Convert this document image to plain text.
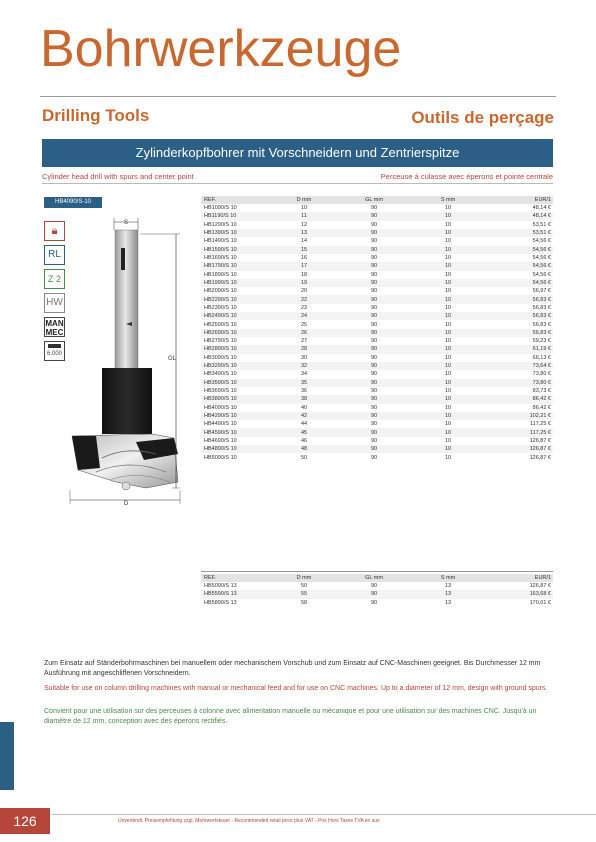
Bohrwerkzeuge
Drilling Tools	Outils de perçage
Zylinderkopfbohrer mit Vorschneidern und Zentrierspitze
Cylinder head drill with spurs and center point	Perceuse à culasse avec éperons et pointe centrale
HB4090/S-10
🔒︎
RL
Z 2
HW
MAN
MEC
6.000
S
GL
D
REF.	D mm	GL mm	S mm	EUR/1
HB1090/S 10	10	90	10	48,14 €
HB1190/S 10	11	90	10	48,14 €
HB1290/S 10	12	90	10	53,51 €
HB1390/S 10	13	90	10	53,51 €
HB1490/S 10	14	90	10	54,56 €
HB1590/S 10	15	90	10	54,56 €
HB1690/S 10	16	90	10	54,56 €
HB1790/S 10	17	90	10	54,56 €
HB1890/S 10	18	90	10	54,56 €
HB1990/S 10	19	90	10	54,56 €
HB2090/S 10	20	90	10	56,97 €
HB2290/S 10	22	90	10	56,83 €
HB2390/S 10	23	90	10	56,83 €
HB2490/S 10	24	90	10	56,83 €
HB2590/S 10	25	90	10	56,83 €
HB2690/S 10	26	90	10	56,83 €
HB2790/S 10	27	90	10	59,23 €
HB2890/S 10	28	90	10	61,19 €
HB3090/S 10	30	90	10	66,13 €
HB3290/S 10	32	90	10	73,64 €
HB3490/S 10	34	90	10	73,80 €
HB3590/S 10	35	90	10	73,80 €
HB3690/S 10	36	90	10	83,73 €
HB3890/S 10	38	90	10	86,42 €
HB4090/S 10	40	90	10	86,42 €
HB4290/S 10	42	90	10	102,21 €
HB4490/S 10	44	90	10	117,25 €
HB4590/S 10	45	90	10	117,25 €
HB4690/S 10	46	90	10	126,87 €
HB4890/S 10	48	90	10	126,87 €
HB5090/S 10	50	90	10	126,87 €
REF.	D mm	GL mm	S mm	EUR/1
HB5090/S 13	50	90	13	126,87 €
HB5590/S 13	55	90	13	163,68 €
HB5890/S 13	58	90	13	170,61 €
Zum Einsatz auf Ständerbohrmaschinen bei manuellem oder mechanischem Vorschub und zum Einsatz auf CNC-Maschinen geeignet. Bis Durchmesser 12 mm Ausführung mit angeschliffenen Vorschneidern.
Suitable for use on column drilling machines with manual or mechanical feed and for use on CNC machines. Up to a diameter of 12 mm, design with ground spurs.
Convient pour une utilisation sur des perceuses à colonne avec alimentation manuelle ou mécanique et pour une utilisation sur des machines CNC. Jusqu'à un diamètre de 12 mm, conception avec des éperons rectifiés.
126	Unverbindl. Preisempfehlung zzgl. Mehrwertsteuer - Recommended retail price plus VAT - Prix Hors Taxes TVA en sus
